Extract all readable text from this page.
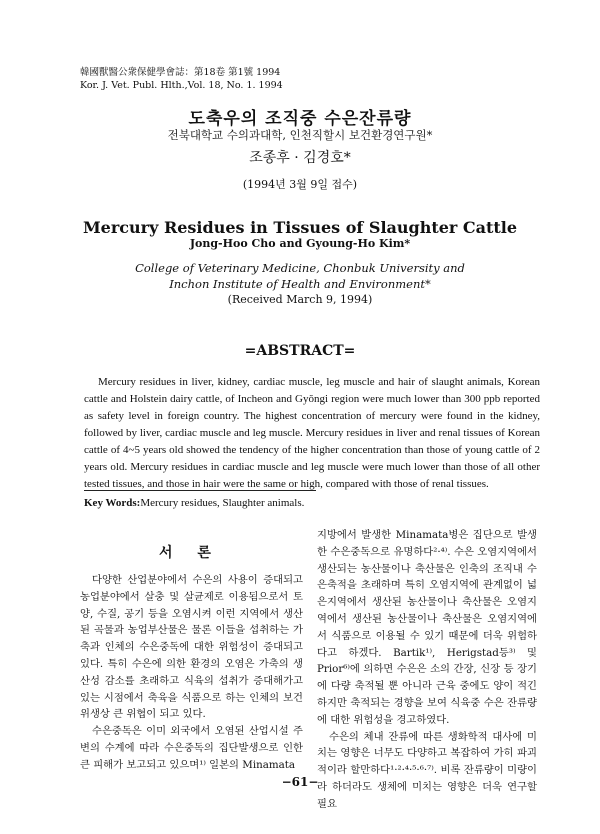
韓國獸醫公衆保健學會誌：第18卷 第1號 1994
Kor. J. Vet. Publ. Hlth.,Vol. 18, No. 1. 1994
도축우의 조직중 수은잔류량
전북대학교 수의과대학, 인천직할시 보건환경연구원*
조종후 · 김경호*
(1994년 3월 9일 접수)
Mercury Residues in Tissues of Slaughter Cattle
Jong-Hoo Cho and Gyoung-Ho Kim*
College of Veterinary Medicine, Chonbuk University and
Inchon Institute of Health and Environment*
(Received March 9, 1994)
=ABSTRACT=

Mercury residues in liver, kidney, cardiac muscle, leg muscle and hair of slaught animals, Korean cattle and Holstein dairy cattle, of Incheon and Gyŏngi region were much lower than 300 ppb reported as safety level in foreign country. The highest concentration of mercury were found in the kidney, followed by liver, cardiac muscle and leg muscle. Mercury residues in liver and renal tissues of Korean cattle of 4~5 years old showed the tendency of the higher concentration than those of young cattle of 2 years old. Mercury residues in cardiac muscle and leg muscle were much lower than those of all other tested tissues, and those in hair were the same or high, compared with those of renal tissues.

Key Words:Mercury residues, Slaughter animals.
서 론

다양한 산업분야에서 수은의 사용이 증대되고 농업분야에서 살충 및 살균제로 이용됨으로서 토양, 수질, 공기 등을 오염시켜 이런 지역에서 생산된 곡물과 농업부산물은 물론 이들을 섭취하는 가축과 인체의 수은중독에 대한 위험성이 증대되고 있다. 특히 수은에 의한 환경의 오염은 가축의 생산성 감소를 초래하고 식육의 섭취가 증대해가고 있는 시점에서 축육을 식품으로 하는 인체의 보건위생상 큰 위협이 되고 있다.

수은중독은 이미 외국에서 오염된 산업시설 주변의 수계에 따라 수은중독의 집단발생으로 인한 큰 피해가 보고되고 있으며¹⁾ 일본의 Minamata

지방에서 발생한 Minamata병은 집단으로 발생한 수은중독으로 유명하다²·⁴⁾. 수은 오염지역에서 생산되는 농산물이나 축산물은 인축의 조직내 수은축적을 초래하며 특히 오염지역에 관계없이 넓은지역에서 생산된 농산물이나 축산물은 오염지역에서 생산된 농산물이나 축산물은 오염지역에서 식품으로 이용될 수 있기 때문에 더욱 위험하다고 하겠다. Bartik¹⁾, Herigstad등³⁾ 및 Prior⁶⁾에 의하면 수은은 소의 간장, 신장 등 장기에 다량 축적될 뿐 아니라 근육 중에도 양이 적긴 하지만 축적되는 경향을 보여 식육중 수은 잔류량에 대한 위험성을 경고하였다.

수은의 체내 잔류에 따른 생화학적 대사에 미치는 영향은 너무도 다양하고 복잡하여 가히 파괴적이라 할만하다¹·²·⁴·⁵·⁶·⁷⁾. 비록 잔류량이 미량이라 하더라도 생체에 미치는 영향은 더욱 연구할 필요

−61−
